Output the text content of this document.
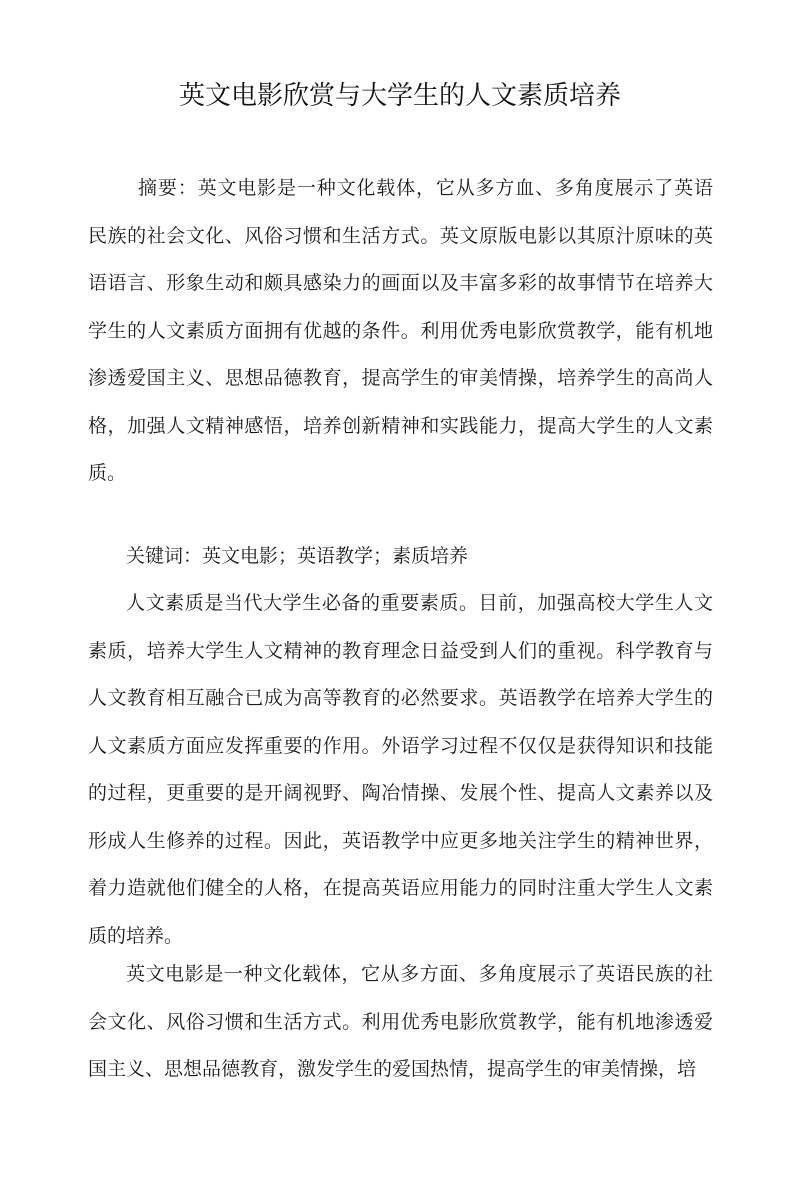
英文电影欣赏与大学生的人文素质培养

摘要：英文电影是一种文化载体，它从多方血、多角度展示了英语 民族的社会文化、风俗习惯和生活方式。英文原版电影以其原汁原味的英 语语言、形象生动和颇具感染力的画面以及丰富多彩的故事情节在培养大 学生的人文素质方面拥有优越的条件。利用优秀电影欣赏教学，能有机地 渗透爱国主义、思想品德教育，提高学生的审美情操，培养学生的高尚人格，加强人文精神感悟，培养创新精神和实践能力，提高大学生的人文素质。

关键词：英文电影；英语教学；素质培养

人文素质是当代大学生必备的重要素质。目前，加强高校大学生人文素质，培养大学生人文精神的教育理念日益受到人们的重视。科学教育与人文教育相互融合已成为高等教育的必然要求。英语教学在培养大学生的人文素质方面应发挥重要的作用。外语学习过程不仅仅是获得知识和技能的过程，更重要的是开阔视野、陶冶情操、发展个性、提高人文素养以及形成人生修养的过程。因此，英语教学中应更多地关注学生的精神世界，着力造就他们健全的人格，在提高英语应用能力的同时注重大学生人文素质的培养。

英文电影是一种文化载体，它从多方面、多角度展示了英语民族的社会文化、风俗习惯和生活方式。利用优秀电影欣赏教学，能有机地渗透爱国主义、思想品德教育，激发学生的爱国热情，提高学生的审美情操，培
